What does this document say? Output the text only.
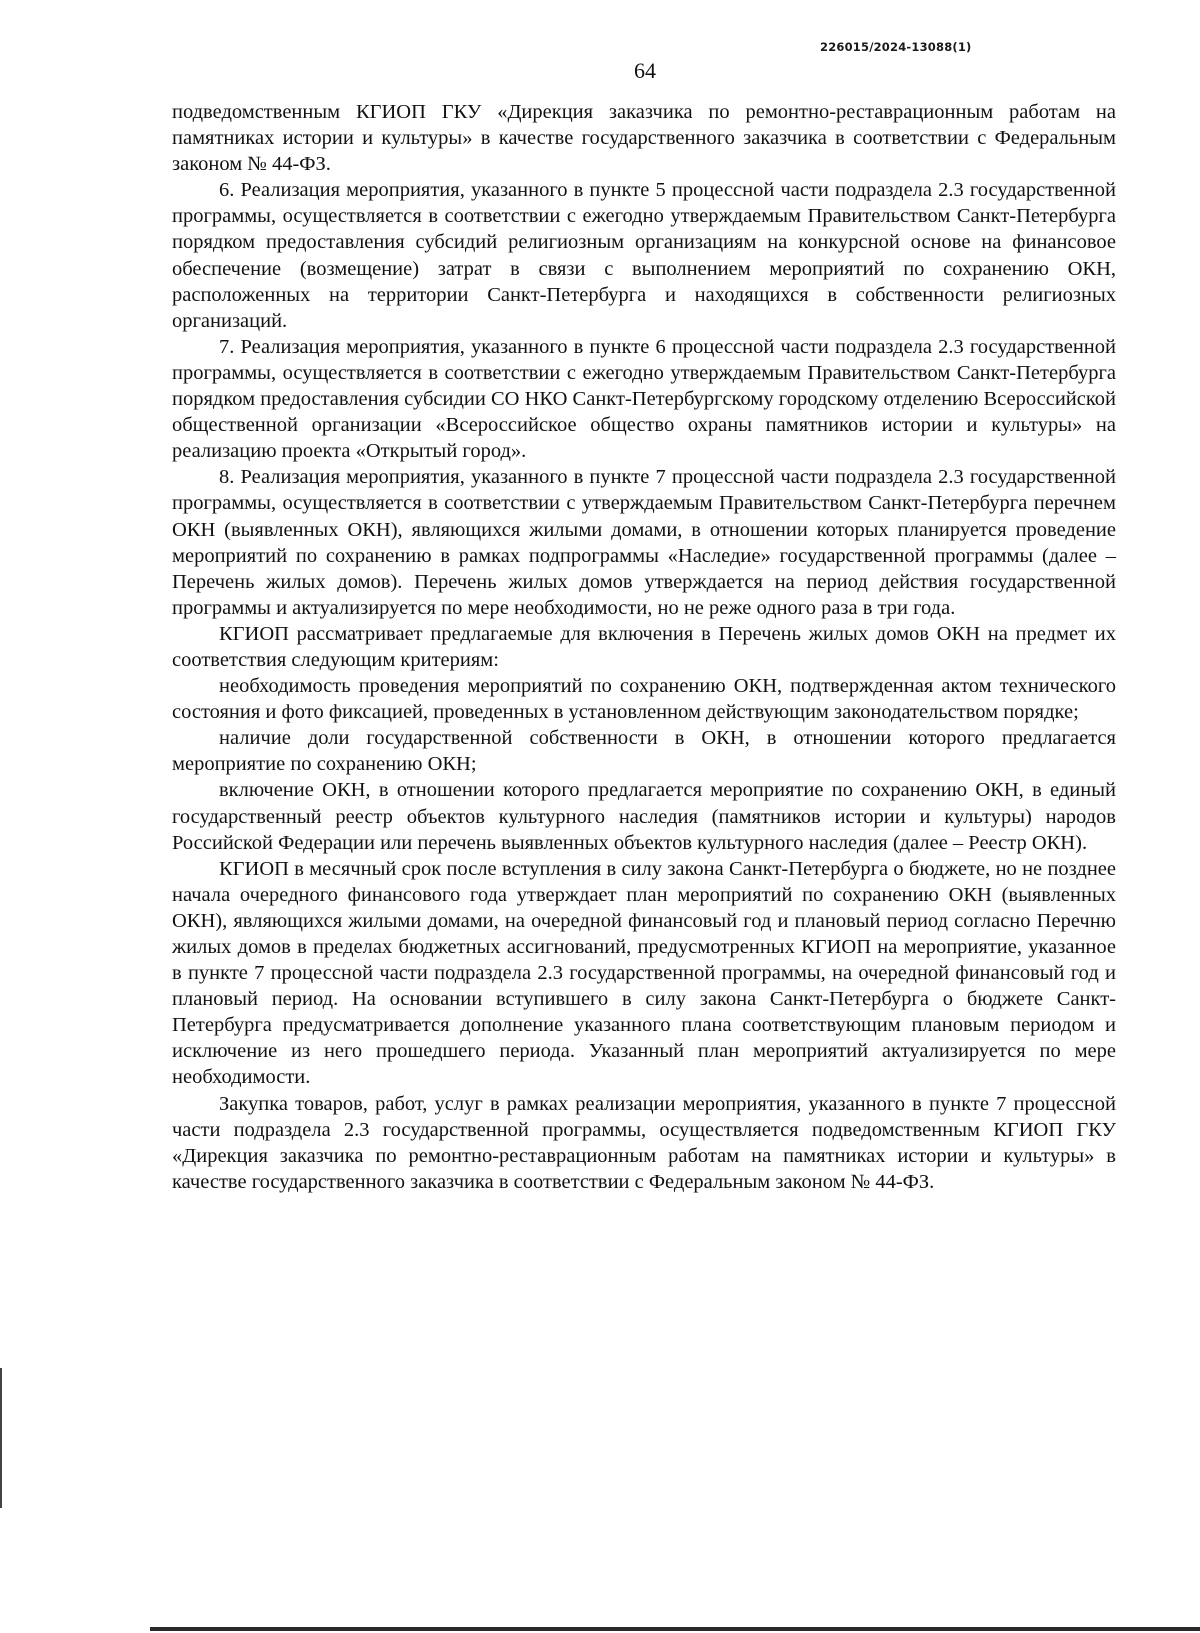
226015/2024-13088(1)
64

подведомственным КГИОП ГКУ «Дирекция заказчика по ремонтно-реставрационным работам на памятниках истории и культуры» в качестве государственного заказчика в соответствии с Федеральным законом № 44-ФЗ.

6. Реализация мероприятия, указанного в пункте 5 процессной части подраздела 2.3 государственной программы, осуществляется в соответствии с ежегодно утверждаемым Правительством Санкт-Петербурга порядком предоставления субсидий религиозным организациям на конкурсной основе на финансовое обеспечение (возмещение) затрат в связи с выполнением мероприятий по сохранению ОКН, расположенных на территории Санкт-Петербурга и находящихся в собственности религиозных организаций.

7. Реализация мероприятия, указанного в пункте 6 процессной части подраздела 2.3 государственной программы, осуществляется в соответствии с ежегодно утверждаемым Правительством Санкт-Петербурга порядком предоставления субсидии СО НКО Санкт-Петербургскому городскому отделению Всероссийской общественной организации «Всероссийское общество охраны памятников истории и культуры» на реализацию проекта «Открытый город».

8. Реализация мероприятия, указанного в пункте 7 процессной части подраздела 2.3 государственной программы, осуществляется в соответствии с утверждаемым Правительством Санкт-Петербурга перечнем ОКН (выявленных ОКН), являющихся жилыми домами, в отношении которых планируется проведение мероприятий по сохранению в рамках подпрограммы «Наследие» государственной программы (далее – Перечень жилых домов). Перечень жилых домов утверждается на период действия государственной программы и актуализируется по мере необходимости, но не реже одного раза в три года.

КГИОП рассматривает предлагаемые для включения в Перечень жилых домов ОКН на предмет их соответствия следующим критериям:

необходимость проведения мероприятий по сохранению ОКН, подтвержденная актом технического состояния и фото фиксацией, проведенных в установленном действующим законодательством порядке;

наличие доли государственной собственности в ОКН, в отношении которого предлагается мероприятие по сохранению ОКН;

включение ОКН, в отношении которого предлагается мероприятие по сохранению ОКН, в единый государственный реестр объектов культурного наследия (памятников истории и культуры) народов Российской Федерации или перечень выявленных объектов культурного наследия (далее – Реестр ОКН).

КГИОП в месячный срок после вступления в силу закона Санкт-Петербурга о бюджете, но не позднее начала очередного финансового года утверждает план мероприятий по сохранению ОКН (выявленных ОКН), являющихся жилыми домами, на очередной финансовый год и плановый период согласно Перечню жилых домов в пределах бюджетных ассигнований, предусмотренных КГИОП на мероприятие, указанное в пункте 7 процессной части подраздела 2.3 государственной программы, на очередной финансовый год и плановый период. На основании вступившего в силу закона Санкт-Петербурга о бюджете Санкт-Петербурга предусматривается дополнение указанного плана соответствующим плановым периодом и исключение из него прошедшего периода. Указанный план мероприятий актуализируется по мере необходимости.

Закупка товаров, работ, услуг в рамках реализации мероприятия, указанного в пункте 7 процессной части подраздела 2.3 государственной программы, осуществляется подведомственным КГИОП ГКУ «Дирекция заказчика по ремонтно-реставрационным работам на памятниках истории и культуры» в качестве государственного заказчика в соответствии с Федеральным законом № 44-ФЗ.
